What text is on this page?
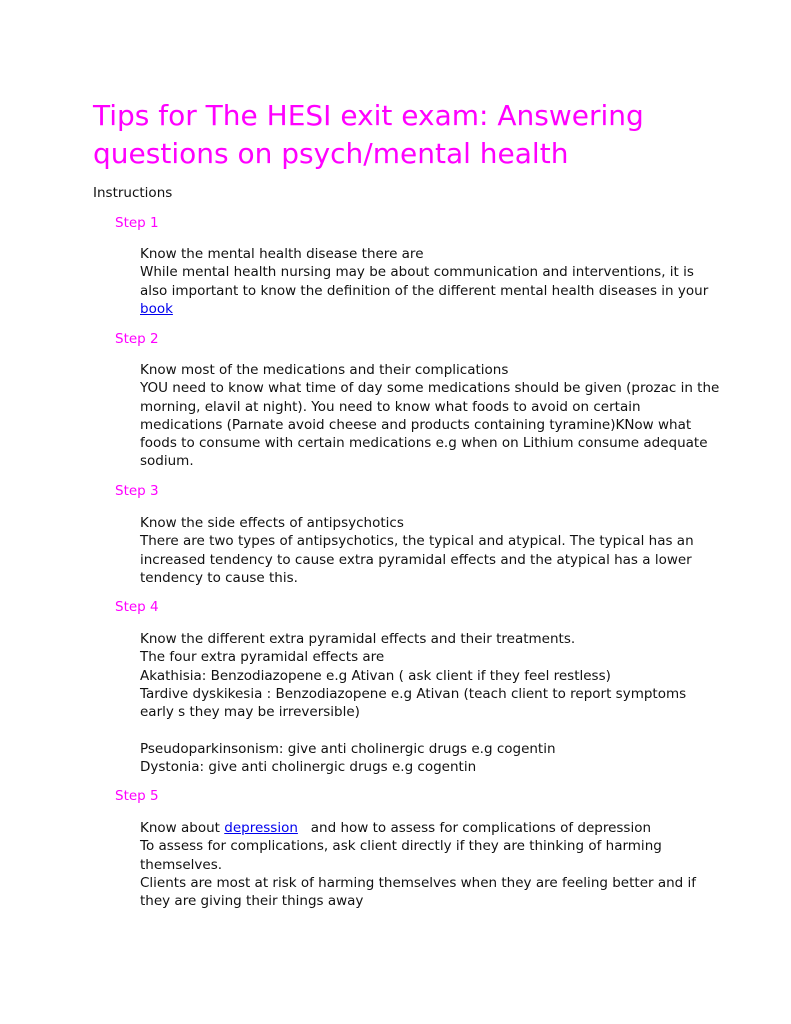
Tips for The HESI exit exam: Answering questions on psych/mental health
Instructions
Step 1

Know the mental health disease there are

While mental health nursing may be about communication and interventions, it is also important to know the definition of the different mental health diseases in your book

Step 2

Know most of the medications and their complications

YOU need to know what time of day some medications should be given (prozac in the morning, elavil at night). You need to know what foods to avoid on certain medications (Parnate avoid cheese and products containing tyramine)KNow what foods to consume with certain medications e.g when on Lithium consume adequate sodium.

Step 3

Know the side effects of antipsychotics

There are two types of antipsychotics, the typical and atypical. The typical has an increased tendency to cause extra pyramidal effects and the atypical has a lower tendency to cause this.

Step 4

Know the different extra pyramidal effects and their treatments.

The four extra pyramidal effects are

Akathisia: Benzodiazopene e.g Ativan ( ask client if they feel restless)

Tardive dyskikesia : Benzodiazopene e.g Ativan (teach client to report symptoms early s they may be irreversible)

Pseudoparkinsonism: give anti cholinergic drugs e.g cogentin

Dystonia: give anti cholinergic drugs e.g cogentin

Step 5

Know about depression   and how to assess for complications of depression

To assess for complications, ask client directly if they are thinking of harming themselves.

Clients are most at risk of harming themselves when they are feeling better and if they are giving their things away
